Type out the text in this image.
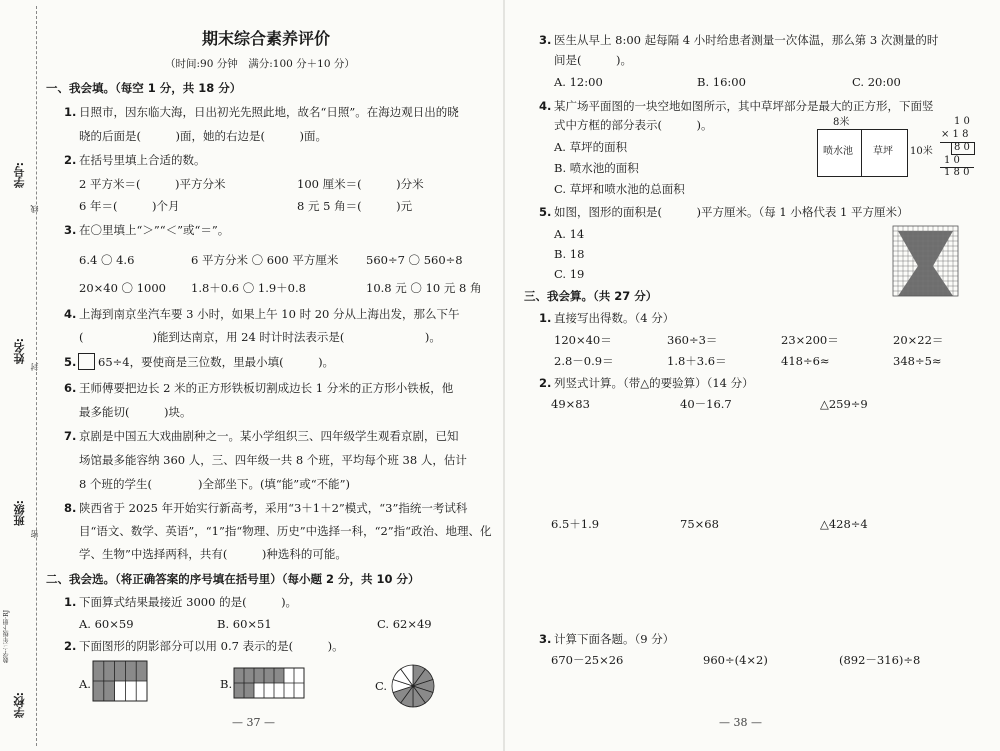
学号:
线
姓名:
封
班级:
密
学校:
数学·三年级下册·RJ
期末综合素养评价
（时间:90 分钟　满分:100 分＋10 分）
一、我会填。（每空 1 分，共 18 分）
1. 日照市，因东临大海，日出初光先照此地，故名“日照”。在海边观日出的晓
晓的后面是(　　　)面，她的右边是(　　　)面。
2. 在括号里填上合适的数。
2 平方米＝(　　　)平方分米	100 厘米＝(　　　)分米
6 年＝(　　　)个月	8 元 5 角＝(　　　)元
3. 在〇里填上“＞”“＜”或“＝”。
6.4 〇 4.6	6 平方分米 〇 600 平方厘米 560÷7 〇 560÷8
20×40 〇 1000 1.8＋0.6 〇 1.9＋0.8	10.8 元 〇 10 元 8 角
4. 上海到南京坐汽车要 3 小时，如果上午 10 时 20 分从上海出发，那么下午
(　　　　　　)能到达南京，用 24 时计时法表示是(　　　　　　　)。
5. 65÷4，要使商是三位数，里最小填(　　　)。
6. 王师傅要把边长 2 米的正方形铁板切割成边长 1 分米的正方形小铁板，他
最多能切(　　　)块。
7. 京剧是中国五大戏曲剧种之一。某小学组织三、四年级学生观看京剧，已知
场馆最多能容纳 360 人，三、四年级一共 8 个班，平均每个班 38 人，估计
8 个班的学生(　　　　)全部坐下。(填“能”或“不能”)
8. 陕西省于 2025 年开始实行新高考，采用“3＋1＋2”模式，“3”指统一考试科
目“语文、数学、英语”，“1”指“物理、历史”中选择一科，“2”指“政治、地理、化
学、生物”中选择两科，共有(　　　)种选科的可能。
二、我会选。（将正确答案的序号填在括号里）（每小题 2 分，共 10 分）
1. 下面算式结果最接近 3000 的是(　　　)。
A. 60×59	B. 60×51	C. 62×49
2. 下面图形的阴影部分可以用 0.7 表示的是(　　　)。
A.	B.	C.
— 37 —
3. 医生从早上 8:00 起每隔 4 小时给患者测量一次体温，那么第 3 次测量的时
间是(　　　)。
A. 12:00	B. 16:00	C. 20:00
4. 某广场平面图的一块空地如图所示，其中草坪部分是最大的正方形，下面竖
式中方框的部分表示(　　　)。
A. 草坪的面积
B. 喷水池的面积
C. 草坪和喷水池的总面积
8米
喷水池 草坪 10米
1 0
× 1 8
8 0
1 0
1 8 0
5. 如图，图形的面积是(　　　)平方厘米。（每 1 小格代表 1 平方厘米）
A. 14
B. 18
C. 19
三、我会算。（共 27 分）
1. 直接写出得数。（4 分）
120×40＝	360÷3＝	23×200＝	20×22＝
2.8－0.9＝	1.8＋3.6＝	418÷6≈	348÷5≈
2. 列竖式计算。（带△的要验算）（14 分）
49×83	40－16.7	△259÷9
6.5＋1.9	75×68	△428÷4
3. 计算下面各题。（9 分）
670－25×26	960÷(4×2)	(892－316)÷8
— 38 —
